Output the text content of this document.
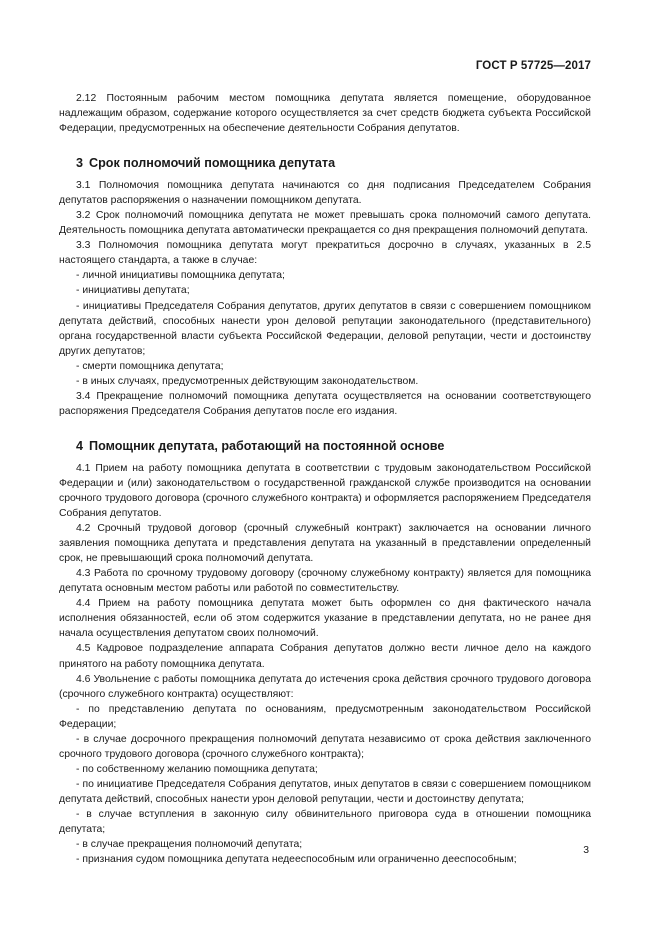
ГОСТ Р 57725—2017

2.12 Постоянным рабочим местом помощника депутата является помещение, оборудованное надлежащим образом, содержание которого осуществляется за счет средств бюджета субъекта Российской Федерации, предусмотренных на обеспечение деятельности Собрания депутатов.

3 Срок полномочий помощника депутата

3.1 Полномочия помощника депутата начинаются со дня подписания Председателем Собрания депутатов распоряжения о назначении помощником депутата.

3.2 Срок полномочий помощника депутата не может превышать срока полномочий самого депутата. Деятельность помощника депутата автоматически прекращается со дня прекращения полномочий депутата.

3.3 Полномочия помощника депутата могут прекратиться досрочно в случаях, указанных в 2.5 настоящего стандарта, а также в случае:

- личной инициативы помощника депутата;

- инициативы депутата;

- инициативы Председателя Собрания депутатов, других депутатов в связи с совершением помощником депутата действий, способных нанести урон деловой репутации законодательного (представительного) органа государственной власти субъекта Российской Федерации, деловой репутации, чести и достоинству других депутатов;

- смерти помощника депутата;

- в иных случаях, предусмотренных действующим законодательством.

3.4 Прекращение полномочий помощника депутата осуществляется на основании соответствующего распоряжения Председателя Собрания депутатов после его издания.

4 Помощник депутата, работающий на постоянной основе

4.1 Прием на работу помощника депутата в соответствии с трудовым законодательством Российской Федерации и (или) законодательством о государственной гражданской службе производится на основании срочного трудового договора (срочного служебного контракта) и оформляется распоряжением Председателя Собрания депутатов.

4.2 Срочный трудовой договор (срочный служебный контракт) заключается на основании личного заявления помощника депутата и представления депутата на указанный в представлении определенный срок, не превышающий срока полномочий депутата.

4.3 Работа по срочному трудовому договору (срочному служебному контракту) является для помощника депутата основным местом работы или работой по совместительству.

4.4 Прием на работу помощника депутата может быть оформлен со дня фактического начала исполнения обязанностей, если об этом содержится указание в представлении депутата, но не ранее дня начала осуществления депутатом своих полномочий.

4.5 Кадровое подразделение аппарата Собрания депутатов должно вести личное дело на каждого принятого на работу помощника депутата.

4.6 Увольнение с работы помощника депутата до истечения срока действия срочного трудового договора (срочного служебного контракта) осуществляют:

- по представлению депутата по основаниям, предусмотренным законодательством Российской Федерации;

- в случае досрочного прекращения полномочий депутата независимо от срока действия заключенного срочного трудового договора (срочного служебного контракта);

- по собственному желанию помощника депутата;

- по инициативе Председателя Собрания депутатов, иных депутатов в связи с совершением помощником депутата действий, способных нанести урон деловой репутации, чести и достоинству депутата;

- в случае вступления в законную силу обвинительного приговора суда в отношении помощника депутата;

- в случае прекращения полномочий депутата;

- признания судом помощника депутата недееспособным или ограниченно дееспособным;

3
